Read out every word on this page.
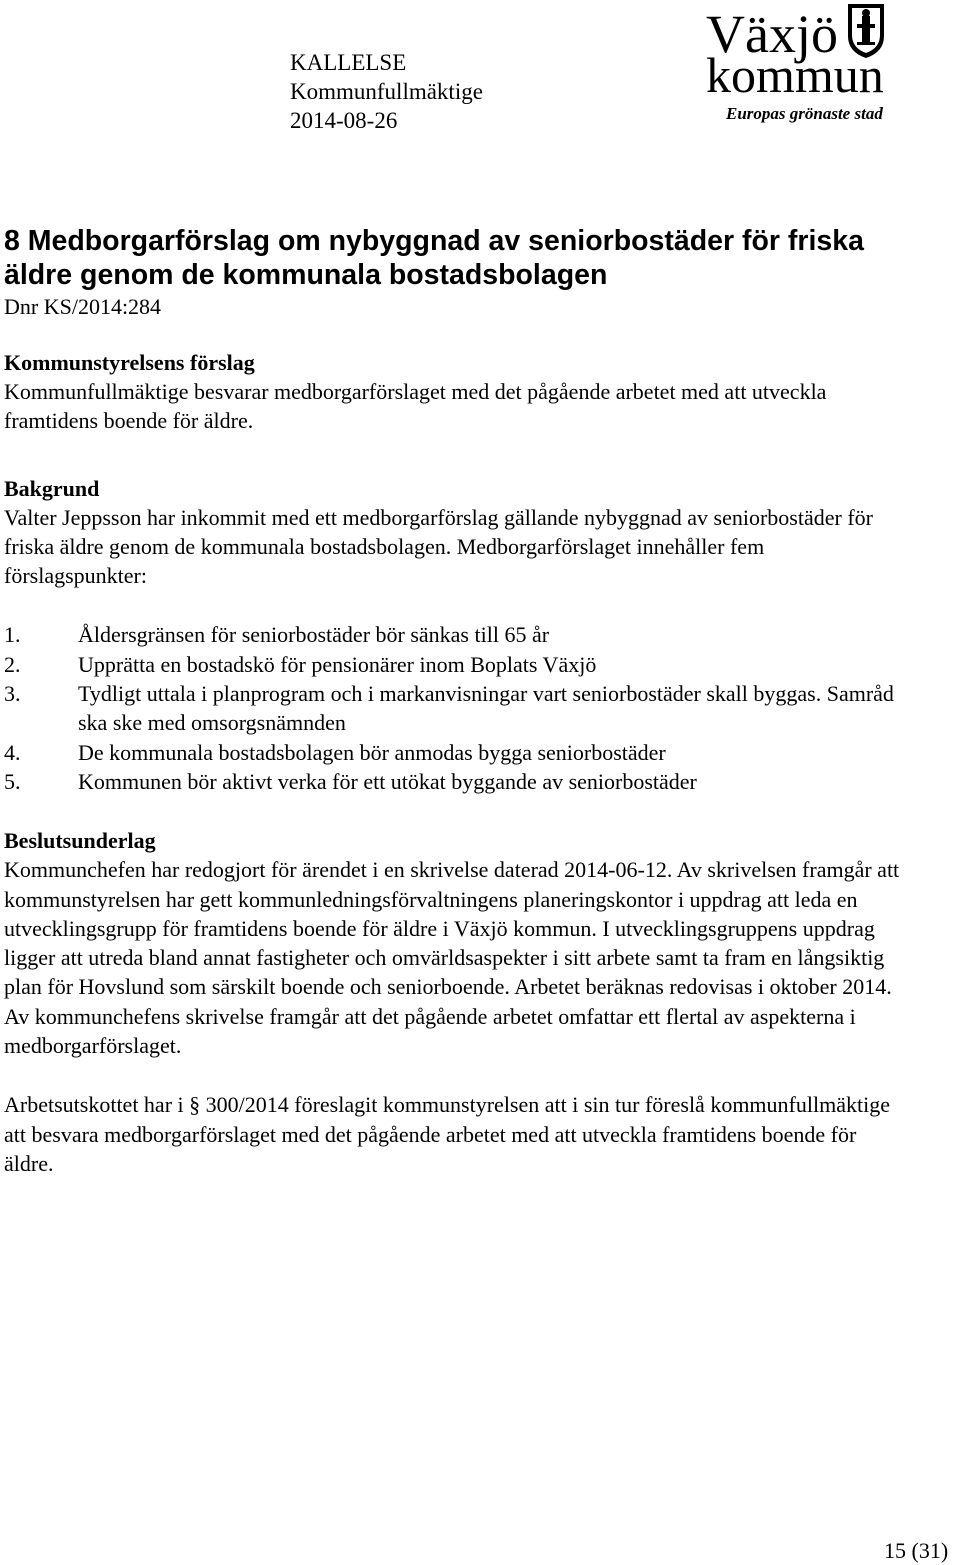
KALLELSE
Kommunfullmäktige
2014-08-26
Växjö
kommun
Europas grönaste stad
8 Medborgarförslag om nybyggnad av seniorbostäder för friska äldre genom de kommunala bostadsbolagen

Dnr KS/2014:284

Kommunstyrelsens förslag

Kommunfullmäktige besvarar medborgarförslaget med det pågående arbetet med att utveckla framtidens boende för äldre.

Bakgrund

Valter Jeppsson har inkommit med ett medborgarförslag gällande nybyggnad av seniorbostäder för friska äldre genom de kommunala bostadsbolagen. Medborgarförslaget innehåller fem förslagspunkter:

1.	Åldersgränsen för seniorbostäder bör sänkas till 65 år
2.	Upprätta en bostadskö för pensionärer inom Boplats Växjö
3.	Tydligt uttala i planprogram och i markanvisningar vart seniorbostäder skall byggas. Samråd ska ske med omsorgsnämnden
4.	De kommunala bostadsbolagen bör anmodas bygga seniorbostäder
5.	Kommunen bör aktivt verka för ett utökat byggande av seniorbostäder

Beslutsunderlag

Kommunchefen har redogjort för ärendet i en skrivelse daterad 2014-06-12. Av skrivelsen framgår att kommunstyrelsen har gett kommunledningsförvaltningens planeringskontor i uppdrag att leda en utvecklingsgrupp för framtidens boende för äldre i Växjö kommun. I utvecklingsgruppens uppdrag ligger att utreda bland annat fastigheter och omvärldsaspekter i sitt arbete samt ta fram en långsiktig plan för Hovslund som särskilt boende och seniorboende. Arbetet beräknas redovisas i oktober 2014. Av kommunchefens skrivelse framgår att det pågående arbetet omfattar ett flertal av aspekterna i medborgarförslaget.

Arbetsutskottet har i § 300/2014 föreslagit kommunstyrelsen att i sin tur föreslå kommunfullmäktige att besvara medborgarförslaget med det pågående arbetet med att utveckla framtidens boende för äldre.

15 (31)
